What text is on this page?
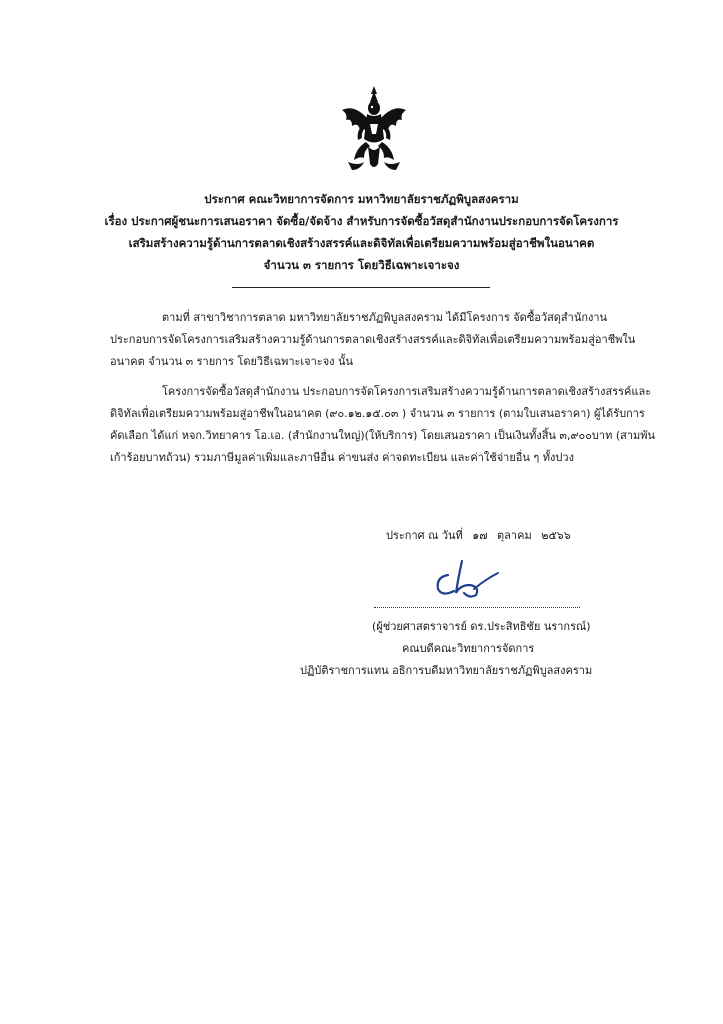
ประกาศ คณะวิทยาการจัดการ มหาวิทยาลัยราชภัฏพิบูลสงคราม
เรื่อง ประกาศผู้ชนะการเสนอราคา จัดซื้อ/จัดจ้าง สำหรับการจัดซื้อวัสดุสำนักงานประกอบการจัดโครงการ
เสริมสร้างความรู้ด้านการตลาดเชิงสร้างสรรค์และดิจิทัลเพื่อเตรียมความพร้อมสู่อาชีพในอนาคต
จำนวน ๓ รายการ โดยวิธีเฉพาะเจาะจง
ตามที่ สาขาวิชาการตลาด มหาวิทยาลัยราชภัฏพิบูลสงคราม ได้มีโครงการ จัดซื้อวัสดุสำนักงาน
ประกอบการจัดโครงการเสริมสร้างความรู้ด้านการตลาดเชิงสร้างสรรค์และดิจิทัลเพื่อเตรียมความพร้อมสู่อาชีพใน
อนาคต จำนวน ๓ รายการ โดยวิธีเฉพาะเจาะจง นั้น
โครงการจัดซื้อวัสดุสำนักงาน ประกอบการจัดโครงการเสริมสร้างความรู้ด้านการตลาดเชิงสร้างสรรค์และ
ดิจิทัลเพื่อเตรียมความพร้อมสู่อาชีพในอนาคต (๙๐.๑๒.๑๕.๐๓ ) จำนวน ๓ รายการ (ตามใบเสนอราคา) ผู้ได้รับการ
คัดเลือก ได้แก่ หจก.วิทยาคาร โอ.เอ. (สำนักงานใหญ่)(ให้บริการ) โดยเสนอราคา เป็นเงินทั้งสิ้น ๓,๙๐๐บาท (สามพัน
เก้าร้อยบาทถ้วน) รวมภาษีมูลค่าเพิ่มและภาษีอื่น ค่าขนส่ง ค่าจดทะเบียน และค่าใช้จ่ายอื่น ๆ ทั้งปวง
ประกาศ ณ วันที่ ๑๗ ตุลาคม ๒๕๖๖
(ผู้ช่วยศาสตราจารย์ ดร.ประสิทธิชัย นรากรณ์)
คณบดีคณะวิทยาการจัดการ
ปฏิบัติราชการแทน อธิการบดีมหาวิทยาลัยราชภัฏพิบูลสงคราม
